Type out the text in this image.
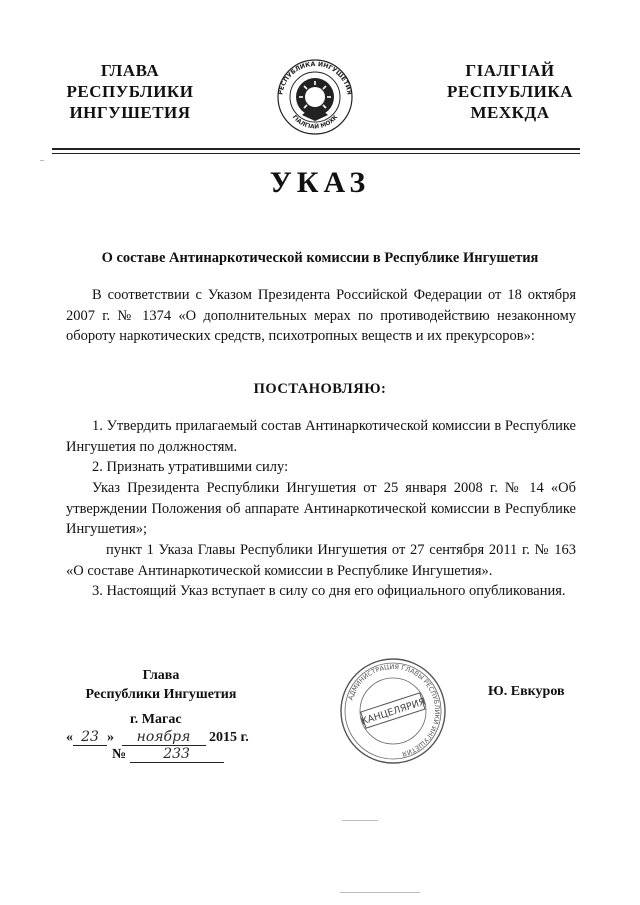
ГЛАВА
РЕСПУБЛИКИ
ИНГУШЕТИЯ
РЕСПУБЛИКА ИНГУШЕТИЯ
ГIАЛГIАЙ МОХК
ГIАЛГIАЙ
РЕСПУБЛИКА
МЕХКДА
УКАЗ
О составе Антинаркотической комиссии в Республике Ингушетия
В соответствии с Указом Президента Российской Федерации от 18 октября 2007 г. № 1374 «О дополнительных мерах по противодействию незаконному обороту наркотических средств, психотропных веществ и их прекурсоров»:
ПОСТАНОВЛЯЮ:
1. Утвердить прилагаемый состав Антинаркотической комиссии в Республике Ингушетия по должностям.
2. Признать утратившими силу:
Указ Президента Республики Ингушетия от 25 января 2008 г. № 14 «Об утверждении Положения об аппарате Антинаркотической комиссии в Республике Ингушетия»;
пункт 1 Указа Главы Республики Ингушетия от 27 сентября 2011 г. № 163 «О составе Антинаркотической комиссии в Республике Ингушетия».
3. Настоящий Указ вступает в силу со дня его официального опубликования.
Глава
Республики Ингушетия	Ю. Евкуров
г. Магас
« 23 » ноября 2015 г.
№	233
АДМИНИСТРАЦИЯ ГЛАВЫ РЕСПУБЛИКИ ИНГУШЕТИЯ
КАНЦЕЛЯРИЯ
